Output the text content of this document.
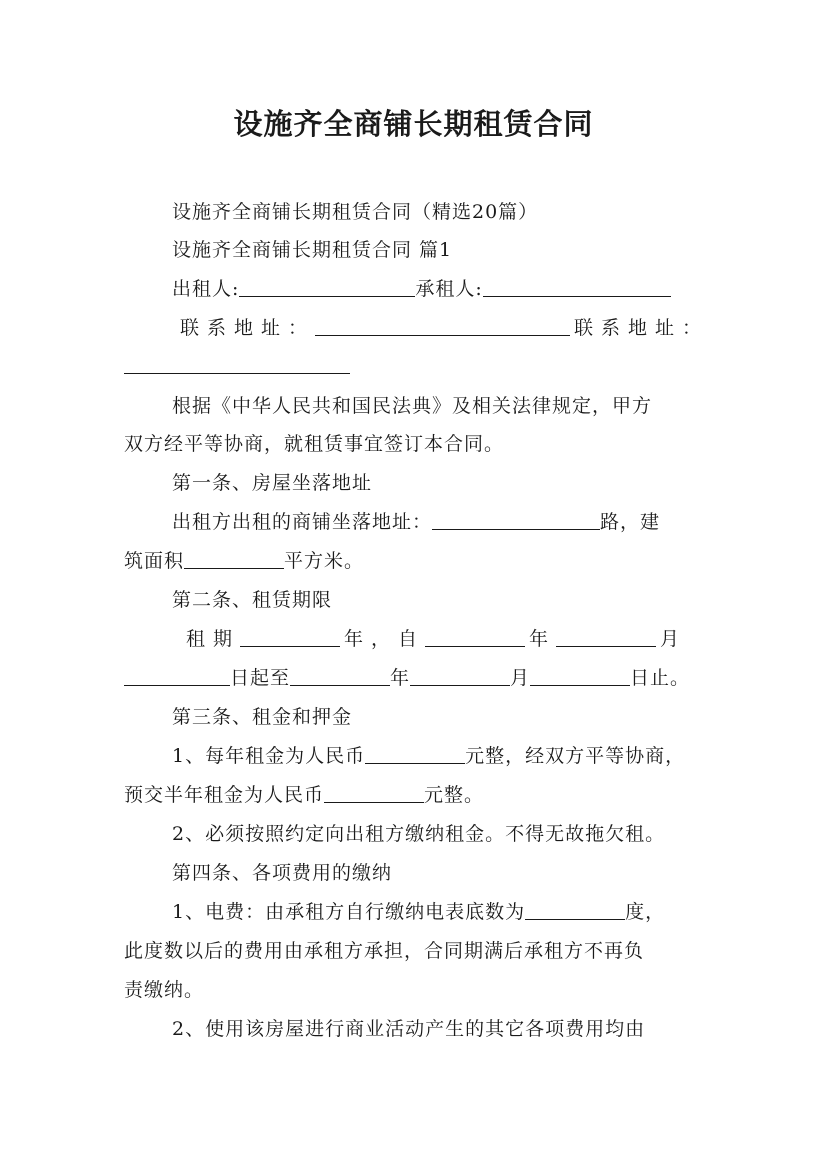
设施齐全商铺长期租赁合同
设施齐全商铺长期租赁合同（精选20篇）
设施齐全商铺长期租赁合同 篇1
出租人:	承租人:
联系地址：	联系地址：
根据《中华人民共和国民法典》及相关法律规定，甲方
双方经平等协商，就租赁事宜签订本合同。
第一条、房屋坐落地址
出租方出租的商铺坐落地址：	路，建
筑面积	平方米。
第二条、租赁期限
租期	年，自	年	月
日起至	年	月	日止。
第三条、租金和押金
1、每年租金为人民币	元整，经双方平等协商，
预交半年租金为人民币	元整。
2、必须按照约定向出租方缴纳租金。不得无故拖欠租。
第四条、各项费用的缴纳
1、电费：由承租方自行缴纳电表底数为	度，
此度数以后的费用由承租方承担，合同期满后承租方不再负
责缴纳。
2、使用该房屋进行商业活动产生的其它各项费用均由
